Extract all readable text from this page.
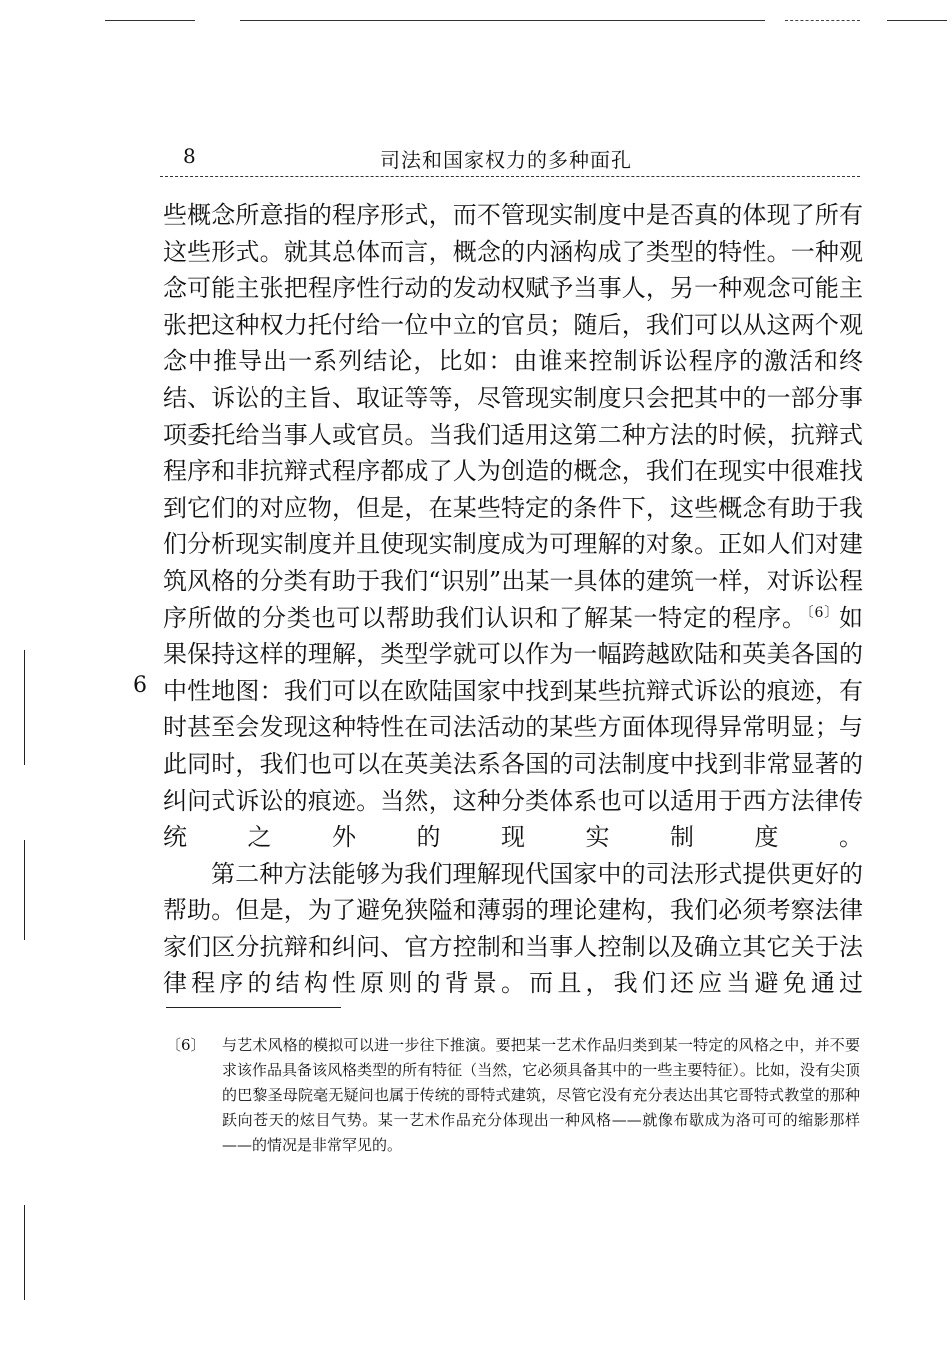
8	司法和国家权力的多种面孔
6

些概念所意指的程序形式，而不管现实制度中是否真的体现了所有这些形式。就其总体而言，概念的内涵构成了类型的特性。一种观念可能主张把程序性行动的发动权赋予当事人，另一种观念可能主张把这种权力托付给一位中立的官员；随后，我们可以从这两个观念中推导出一系列结论，比如：由谁来控制诉讼程序的激活和终结、诉讼的主旨、取证等等，尽管现实制度只会把其中的一部分事项委托给当事人或官员。当我们适用这第二种方法的时候，抗辩式程序和非抗辩式程序都成了人为创造的概念，我们在现实中很难找到它们的对应物，但是，在某些特定的条件下，这些概念有助于我们分析现实制度并且使现实制度成为可理解的对象。正如人们对建筑风格的分类有助于我们“识别”出某一具体的建筑一样，对诉讼程序所做的分类也可以帮助我们认识和了解某一特定的程序。$^{〔6〕}$如果保持这样的理解，类型学就可以作为一幅跨越欧陆和英美各国的中性地图：我们可以在欧陆国家中找到某些抗辩式诉讼的痕迹，有时甚至会发现这种特性在司法活动的某些方面体现得异常明显；与此同时，我们也可以在英美法系各国的司法制度中找到非常显著的纠问式诉讼的痕迹。当然，这种分类体系也可以适用于西方法律传统之外的现实制度。

第二种方法能够为我们理解现代国家中的司法形式提供更好的帮助。但是，为了避免狭隘和薄弱的理论建构，我们必须考察法律家们区分抗辩和纠问、官方控制和当事人控制以及确立其它关于法律程序的结构性原则的背景。而且，我们还应当避免通过

〔6〕	与艺术风格的模拟可以进一步往下推演。要把某一艺术作品归类到某一特定的风格之中，并不要求该作品具备该风格类型的所有特征（当然，它必须具备其中的一些主要特征）。比如，没有尖顶的巴黎圣母院毫无疑问也属于传统的哥特式建筑，尽管它没有充分表达出其它哥特式教堂的那种跃向苍天的炫目气势。某一艺术作品充分体现出一种风格——就像布歇成为洛可可的缩影那样——的情况是非常罕见的。
